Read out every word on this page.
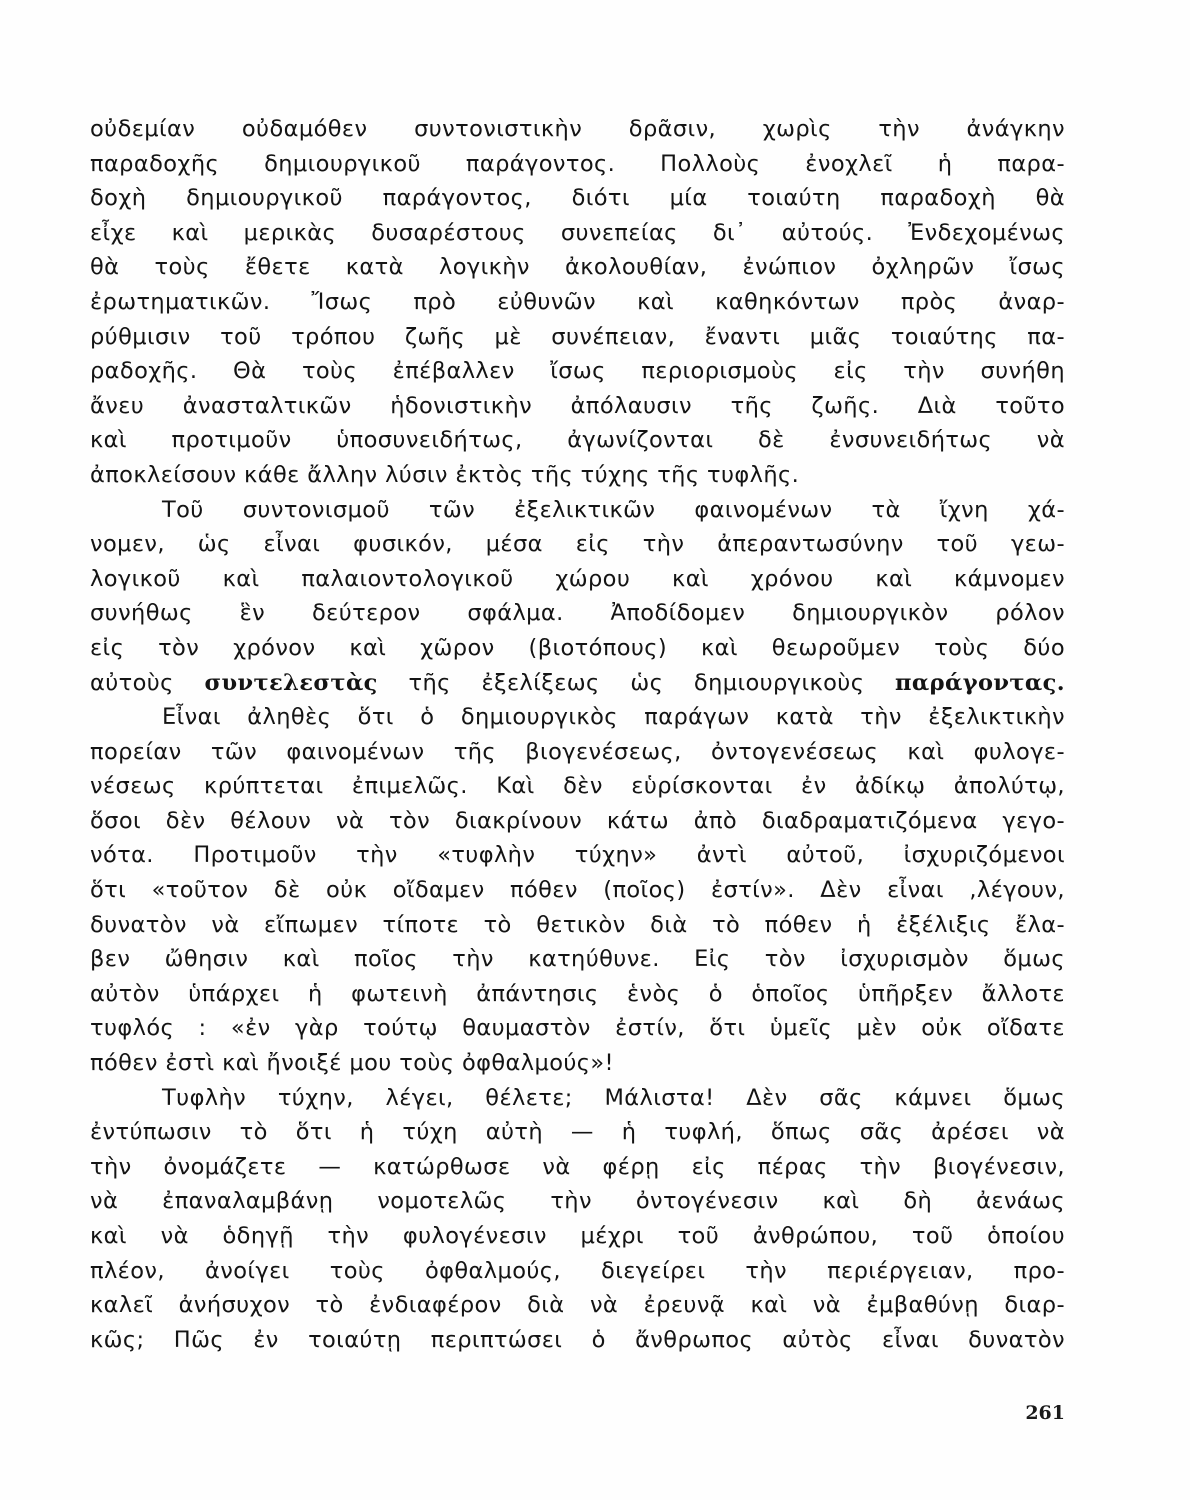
οὐδεμίαν οὐδαμόθεν συντονιστικὴν δρᾶσιν, χωρὶς τὴν ἀνάγκην
παραδοχῆς δημιουργικοῦ παράγοντος. Πολλοὺς ἐνοχλεῖ ἡ παρα-
δοχὴ δημιουργικοῦ παράγοντος, διότι μία τοιαύτη παραδοχὴ θὰ
εἶχε καὶ μερικὰς δυσαρέστους συνεπείας δι᾽ αὐτούς. Ἐνδεχομένως
θὰ τοὺς ἔθετε κατὰ λογικὴν ἀκολουθίαν, ἐνώπιον ὀχληρῶν ἴσως
ἐρωτηματικῶν. Ἴσως πρὸ εὐθυνῶν καὶ καθηκόντων πρὸς ἀναρ-
ρύθμισιν τοῦ τρόπου ζωῆς μὲ συνέπειαν, ἔναντι μιᾶς τοιαύτης πα-
ραδοχῆς. Θὰ τοὺς ἐπέβαλλεν ἴσως περιορισμοὺς εἰς τὴν συνήθη
ἄνευ ἀνασταλτικῶν ἡδονιστικὴν ἀπόλαυσιν τῆς ζωῆς. Διὰ τοῦτο
καὶ προτιμοῦν ὑποσυνειδήτως, ἀγωνίζονται δὲ ἐνσυνειδήτως νὰ
ἀποκλείσουν κάθε ἄλλην λύσιν ἐκτὸς τῆς τύχης τῆς τυφλῆς.
Τοῦ συντονισμοῦ τῶν ἐξελικτικῶν φαινομένων τὰ ἴχνη χά-
νομεν, ὡς εἶναι φυσικόν, μέσα εἰς τὴν ἀπεραντωσύνην τοῦ γεω-
λογικοῦ καὶ παλαιοντολογικοῦ χώρου καὶ χρόνου καὶ κάμνομεν
συνήθως ἓν δεύτερον σφάλμα. Ἀποδίδομεν δημιουργικὸν ρόλον
εἰς τὸν χρόνον καὶ χῶρον (βιοτόπους) καὶ θεωροῦμεν τοὺς δύο
αὐτοὺς συντελεστὰς τῆς ἐξελίξεως ὡς δημιουργικοὺς παράγοντας.
Εἶναι ἀληθὲς ὅτι ὁ δημιουργικὸς παράγων κατὰ τὴν ἐξελικτικὴν
πορείαν τῶν φαινομένων τῆς βιογενέσεως, ὀντογενέσεως καὶ φυλογε-
νέσεως κρύπτεται ἐπιμελῶς. Καὶ δὲν εὑρίσκονται ἐν ἀδίκῳ ἀπολύτῳ,
ὅσοι δὲν θέλουν νὰ τὸν διακρίνουν κάτω ἀπὸ διαδραματιζόμενα γεγο-
νότα. Προτιμοῦν τὴν «τυφλὴν τύχην» ἀντὶ αὐτοῦ, ἰσχυριζόμενοι
ὅτι «τοῦτον δὲ οὐκ οἴδαμεν πόθεν (ποῖος) ἐστίν». Δὲν εἶναι ,λέγουν,
δυνατὸν νὰ εἴπωμεν τίποτε τὸ θετικὸν διὰ τὸ πόθεν ἡ ἐξέλιξις ἔλα-
βεν ὤθησιν καὶ ποῖος τὴν κατηύθυνε. Εἰς τὸν ἰσχυρισμὸν ὅμως
αὐτὸν ὑπάρχει ἡ φωτεινὴ ἀπάντησις ἑνὸς ὁ ὁποῖος ὑπῆρξεν ἄλλοτε
τυφλός : «ἐν γὰρ τούτῳ θαυμαστὸν ἐστίν, ὅτι ὑμεῖς μὲν οὐκ οἴδατε
πόθεν ἐστὶ καὶ ἤνοιξέ μου τοὺς ὀφθαλμούς»!
Τυφλὴν τύχην, λέγει, θέλετε; Μάλιστα! Δὲν σᾶς κάμνει ὅμως
ἐντύπωσιν τὸ ὅτι ἡ τύχη αὐτὴ — ἡ τυφλή, ὅπως σᾶς ἀρέσει νὰ
τὴν ὀνομάζετε — κατώρθωσε νὰ φέρῃ εἰς πέρας τὴν βιογένεσιν,
νὰ ἐπαναλαμβάνῃ νομοτελῶς τὴν ὀντογένεσιν καὶ δὴ ἀενάως
καὶ νὰ ὁδηγῇ τὴν φυλογένεσιν μέχρι τοῦ ἀνθρώπου, τοῦ ὁποίου
πλέον, ἀνοίγει τοὺς ὀφθαλμούς, διεγείρει τὴν περιέργειαν, προ-
καλεῖ ἀνήσυχον τὸ ἐνδιαφέρον διὰ νὰ ἐρευνᾷ καὶ νὰ ἐμβαθύνῃ διαρ-
κῶς; Πῶς ἐν τοιαύτῃ περιπτώσει ὁ ἄνθρωπος αὐτὸς εἶναι δυνατὸν
261
